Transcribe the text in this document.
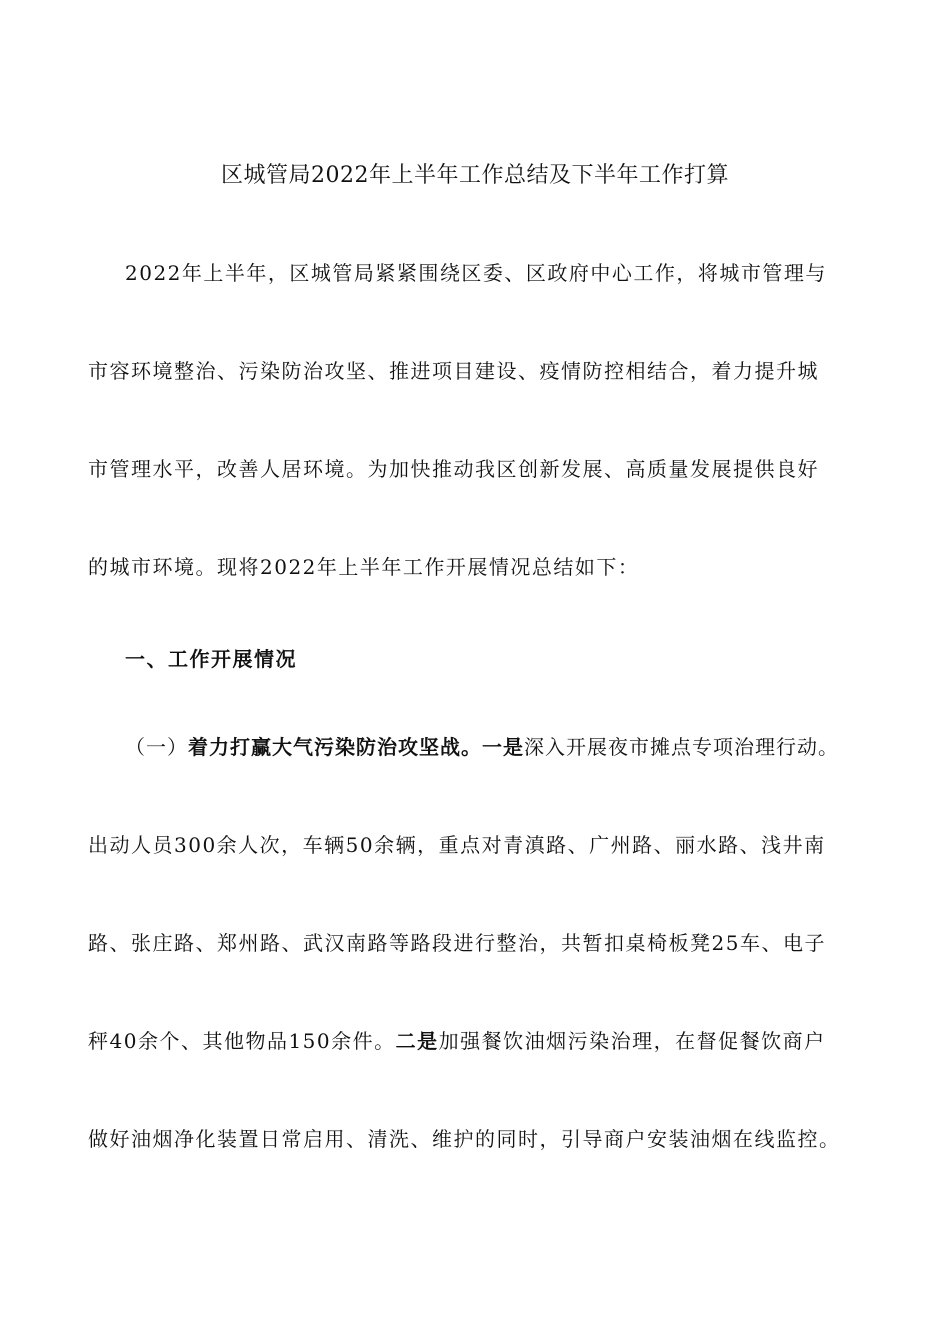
区城管局2022年上半年工作总结及下半年工作打算
2022年上半年，区城管局紧紧围绕区委、区政府中心工作，将城市管理与
市容环境整治、污染防治攻坚、推进项目建设、疫情防控相结合，着力提升城
市管理水平，改善人居环境。为加快推动我区创新发展、高质量发展提供良好
的城市环境。现将2022年上半年工作开展情况总结如下：
一、工作开展情况
（一）着力打赢大气污染防治攻坚战。一是深入开展夜市摊点专项治理行动。
出动人员300余人次，车辆50余辆，重点对青滇路、广州路、丽水路、浅井南
路、张庄路、郑州路、武汉南路等路段进行整治，共暂扣桌椅板凳25车、电子
秤40余个、其他物品150余件。二是加强餐饮油烟污染治理，在督促餐饮商户
做好油烟净化装置日常启用、清洗、维护的同时，引导商户安装油烟在线监控。
